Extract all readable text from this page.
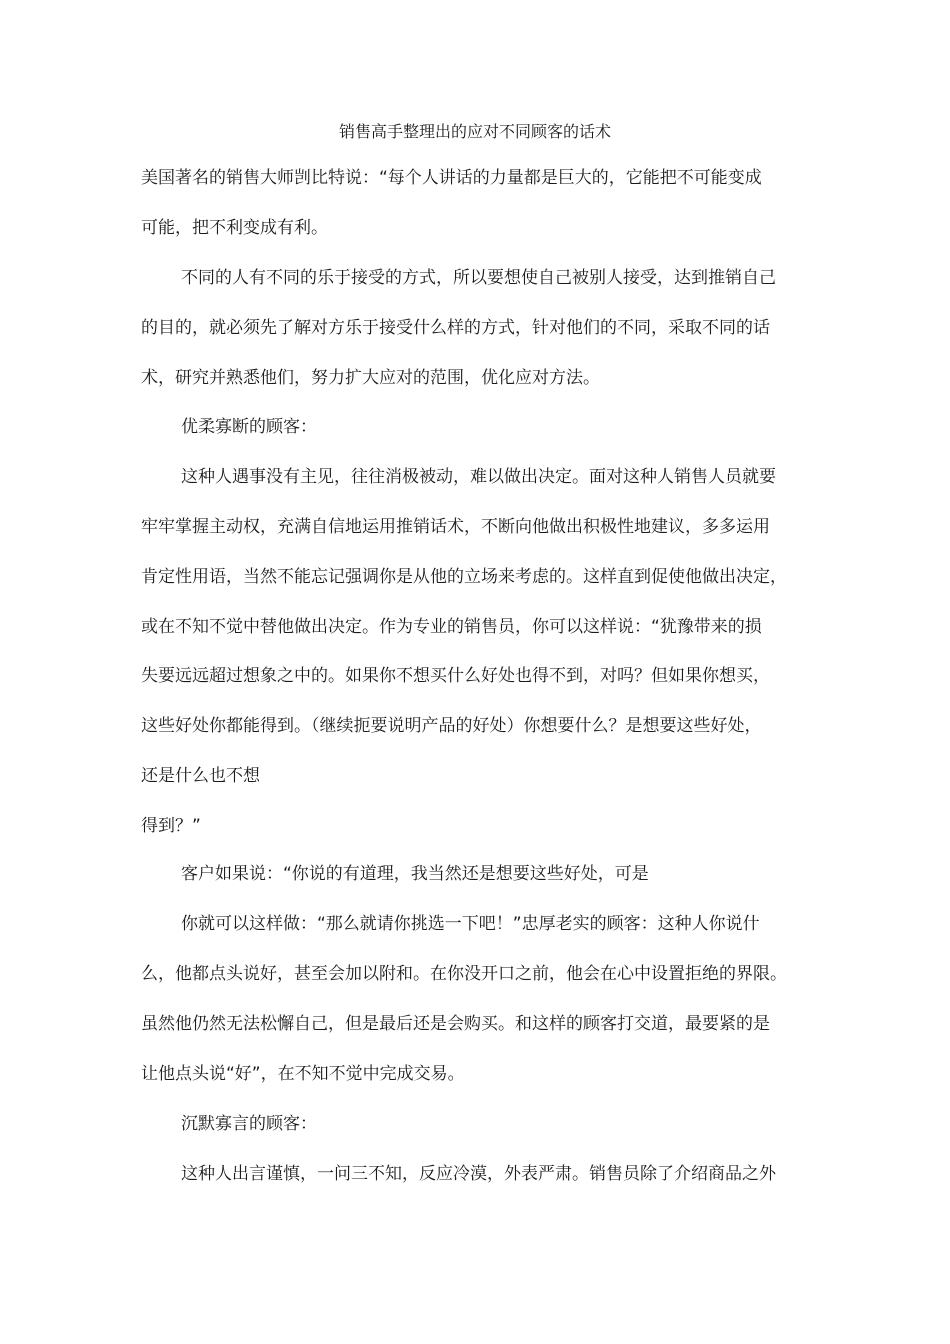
销售高手整理出的应对不同顾客的话术
美国著名的销售大师剀比特说：“每个人讲话的力量都是巨大的，它能把不可能变成
可能，把不利变成有利。
不同的人有不同的乐于接受的方式，所以要想使自己被别人接受，达到推销自己
的目的，就必须先了解对方乐于接受什么样的方式，针对他们的不同，采取不同的话
术，研究并熟悉他们，努力扩大应对的范围，优化应对方法。
优柔寡断的顾客：
这种人遇事没有主见，往往消极被动，难以做出决定。面对这种人销售人员就要
牢牢掌握主动权，充满自信地运用推销话术，不断向他做出积极性地建议，多多运用
肯定性用语，当然不能忘记强调你是从他的立场来考虑的。这样直到促使他做出决定，
或在不知不觉中替他做出决定。作为专业的销售员，你可以这样说：“犹豫带来的损
失要远远超过想象之中的。如果你不想买什么好处也得不到，对吗？但如果你想买，
这些好处你都能得到。（继续扼要说明产品的好处）你想要什么？是想要这些好处，
还是什么也不想
得到？”
客户如果说：“你说的有道理，我当然还是想要这些好处，可是
你就可以这样做：“那么就请你挑选一下吧！”忠厚老实的顾客：这种人你说什
么，他都点头说好，甚至会加以附和。在你没开口之前，他会在心中设置拒绝的界限。
虽然他仍然无法松懈自己，但是最后还是会购买。和这样的顾客打交道，最要紧的是
让他点头说“好”，在不知不觉中完成交易。
沉默寡言的顾客：
这种人出言谨慎，一问三不知，反应冷漠，外表严肃。销售员除了介绍商品之外
